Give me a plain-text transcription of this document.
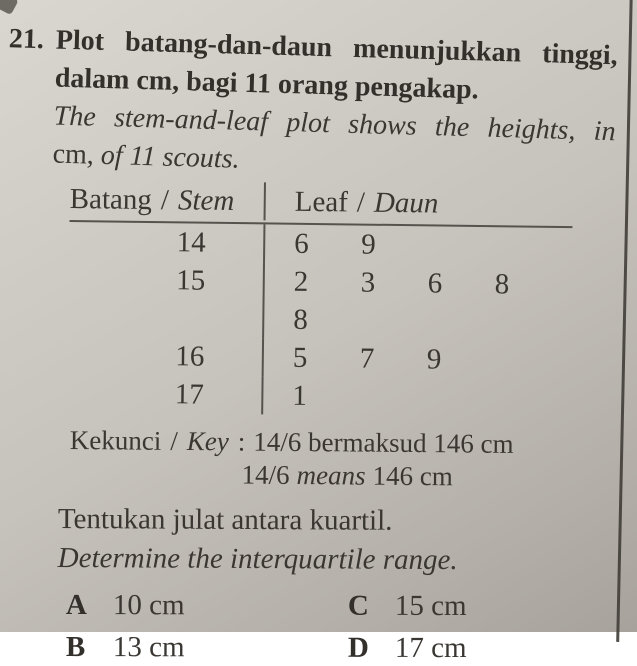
21. Plot batang-dan-daun menunjukkan tinggi,
dalam cm, bagi 11 orang pengakap.
The stem-and-leaf plot shows the heights, in
cm, of 11 scouts.
Batang / Stem	Leaf / Daun
14	6 9
15	2 3 6 88
16	5 7 9
17	1
Kekunci / Key : 14/6 bermaksud 146 cm
14/6 means 146 cm
Tentukan julat antara kuartil.
Determine the interquartile range.
A 10 cm	C 15 cm
B 13 cm	D 17 cm
